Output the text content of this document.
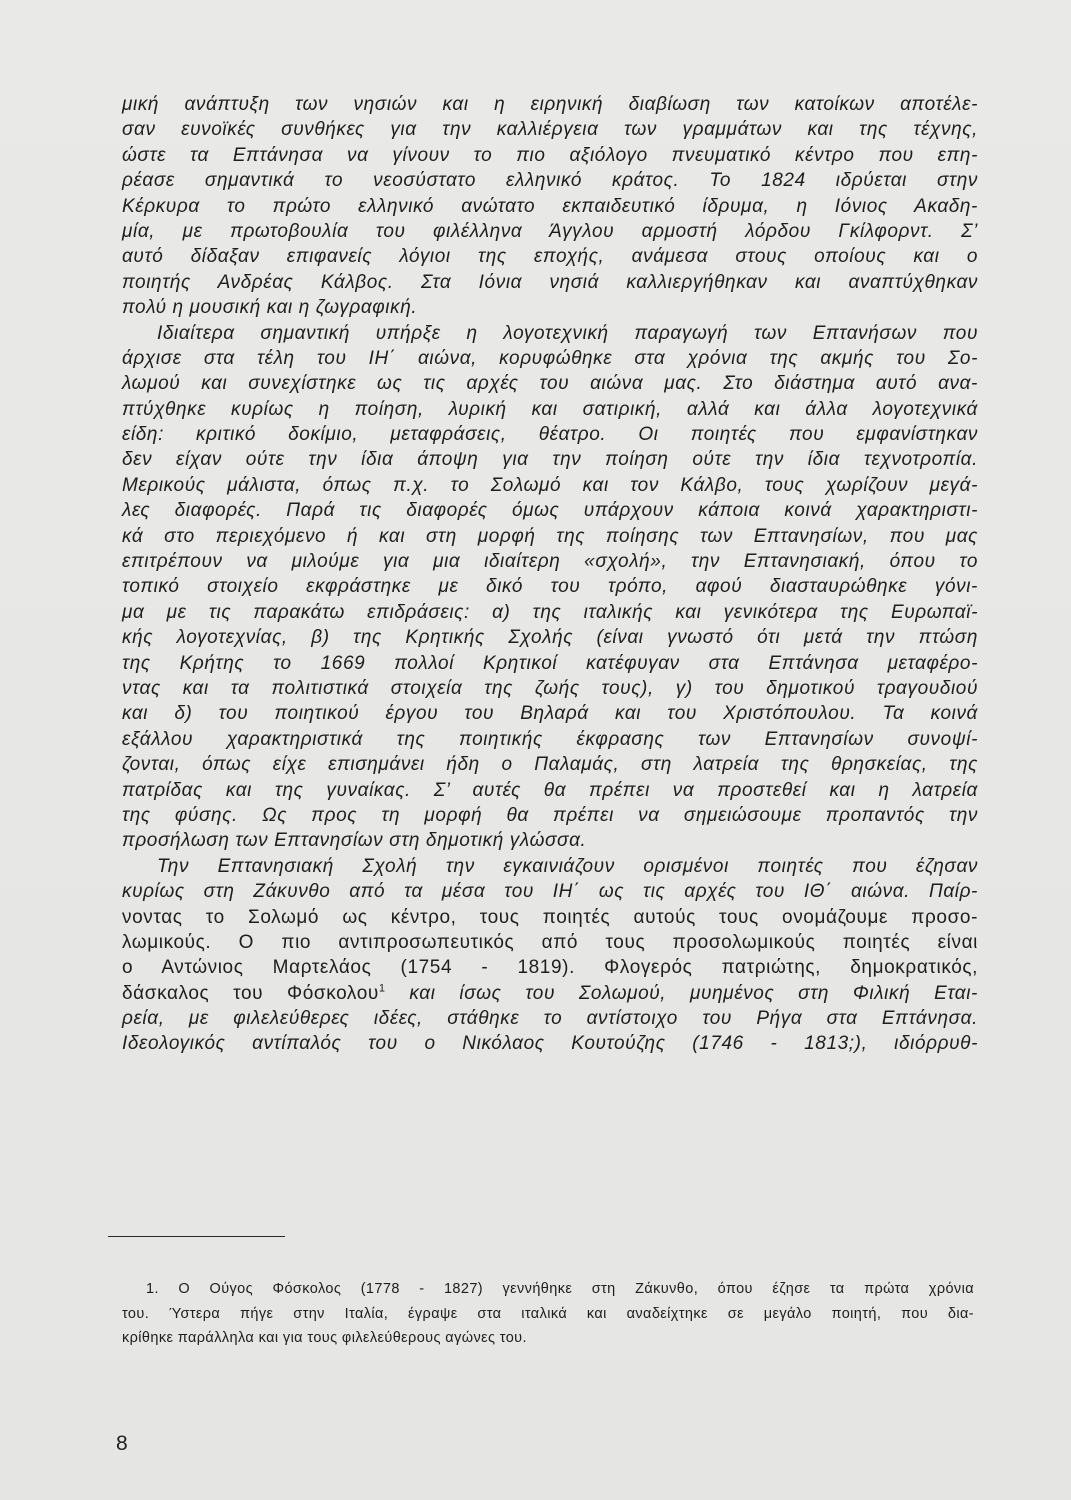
μική ανάπτυξη των νησιών και η ειρηνική διαβίωση των κατοίκων αποτέλε-
σαν ευνοϊκές συνθήκες για την καλλιέργεια των γραμμάτων και της τέχνης,
ώστε τα Επτάνησα να γίνουν το πιο αξιόλογο πνευματικό κέντρο που επη-
ρέασε σημαντικά το νεοσύστατο ελληνικό κράτος. Το 1824 ιδρύεται στην
Κέρκυρα το πρώτο ελληνικό ανώτατο εκπαιδευτικό ίδρυμα, η Ιόνιος Ακαδη-
μία, με πρωτοβουλία του φιλέλληνα Άγγλου αρμοστή λόρδου Γκίλφορντ. Σ’
αυτό δίδαξαν επιφανείς λόγιοι της εποχής, ανάμεσα στους οποίους και ο
ποιητής Ανδρέας Κάλβος. Στα Ιόνια νησιά καλλιεργήθηκαν και αναπτύχθηκαν
πολύ η μουσική και η ζωγραφική.
Ιδιαίτερα σημαντική υπήρξε η λογοτεχνική παραγωγή των Επτανήσων που
άρχισε στα τέλη του ΙΗ΄ αιώνα, κορυφώθηκε στα χρόνια της ακμής του Σο-
λωμού και συνεχίστηκε ως τις αρχές του αιώνα μας. Στο διάστημα αυτό ανα-
πτύχθηκε κυρίως η ποίηση, λυρική και σατιρική, αλλά και άλλα λογοτεχνικά
είδη: κριτικό δοκίμιο, μεταφράσεις, θέατρο. Οι ποιητές που εμφανίστηκαν
δεν είχαν ούτε την ίδια άποψη για την ποίηση ούτε την ίδια τεχνοτροπία.
Μερικούς μάλιστα, όπως π.χ. το Σολωμό και τον Κάλβο, τους χωρίζουν μεγά-
λες διαφορές. Παρά τις διαφορές όμως υπάρχουν κάποια κοινά χαρακτηριστι-
κά στο περιεχόμενο ή και στη μορφή της ποίησης των Επτανησίων, που μας
επιτρέπουν να μιλούμε για μια ιδιαίτερη «σχολή», την Επτανησιακή, όπου το
τοπικό στοιχείο εκφράστηκε με δικό του τρόπο, αφού διασταυρώθηκε γόνι-
μα με τις παρακάτω επιδράσεις: α) της ιταλικής και γενικότερα της Ευρωπαϊ-
κής λογοτεχνίας, β) της Κρητικής Σχολής (είναι γνωστό ότι μετά την πτώση
της Κρήτης το 1669 πολλοί Κρητικοί κατέφυγαν στα Επτάνησα μεταφέρο-
ντας και τα πολιτιστικά στοιχεία της ζωής τους), γ) του δημοτικού τραγουδιού
και δ) του ποιητικού έργου του Βηλαρά και του Χριστόπουλου. Τα κοινά
εξάλλου χαρακτηριστικά της ποιητικής έκφρασης των Επτανησίων συνοψί-
ζονται, όπως είχε επισημάνει ήδη ο Παλαμάς, στη λατρεία της θρησκείας, της
πατρίδας και της γυναίκας. Σ’ αυτές θα πρέπει να προστεθεί και η λατρεία
της φύσης. Ως προς τη μορφή θα πρέπει να σημειώσουμε προπαντός την
προσήλωση των Επτανησίων στη δημοτική γλώσσα.
Την Επτανησιακή Σχολή την εγκαινιάζουν ορισμένοι ποιητές που έζησαν
κυρίως στη Ζάκυνθο από τα μέσα του ΙΗ΄ ως τις αρχές του ΙΘ΄ αιώνα. Παίρ-
νοντας το Σολωμό ως κέντρο, τους ποιητές αυτούς τους ονομάζουμε προσο-
λωμικούς. Ο πιο αντιπροσωπευτικός από τους προσολωμικούς ποιητές είναι
ο Αντώνιος Μαρτελάος (1754 - 1819). Φλογερός πατριώτης, δημοκρατικός,
δάσκαλος του Φόσκολου$^1$ και ίσως του Σολωμού, μυημένος στη Φιλική Εται-
ρεία, με φιλελεύθερες ιδέες, στάθηκε το αντίστοιχο του Ρήγα στα Επτάνησα.
Ιδεολογικός αντίπαλός του ο Νικόλαος Κουτούζης (1746 - 1813;), ιδιόρρυθ-
1. Ο Ούγος Φόσκολος (1778 - 1827) γεννήθηκε στη Ζάκυνθο, όπου έζησε τα πρώτα χρόνια
του. Ύστερα πήγε στην Ιταλία, έγραψε στα ιταλικά και αναδείχτηκε σε μεγάλο ποιητή, που δια-
κρίθηκε παράλληλα και για τους φιλελεύθερους αγώνες του.
8
